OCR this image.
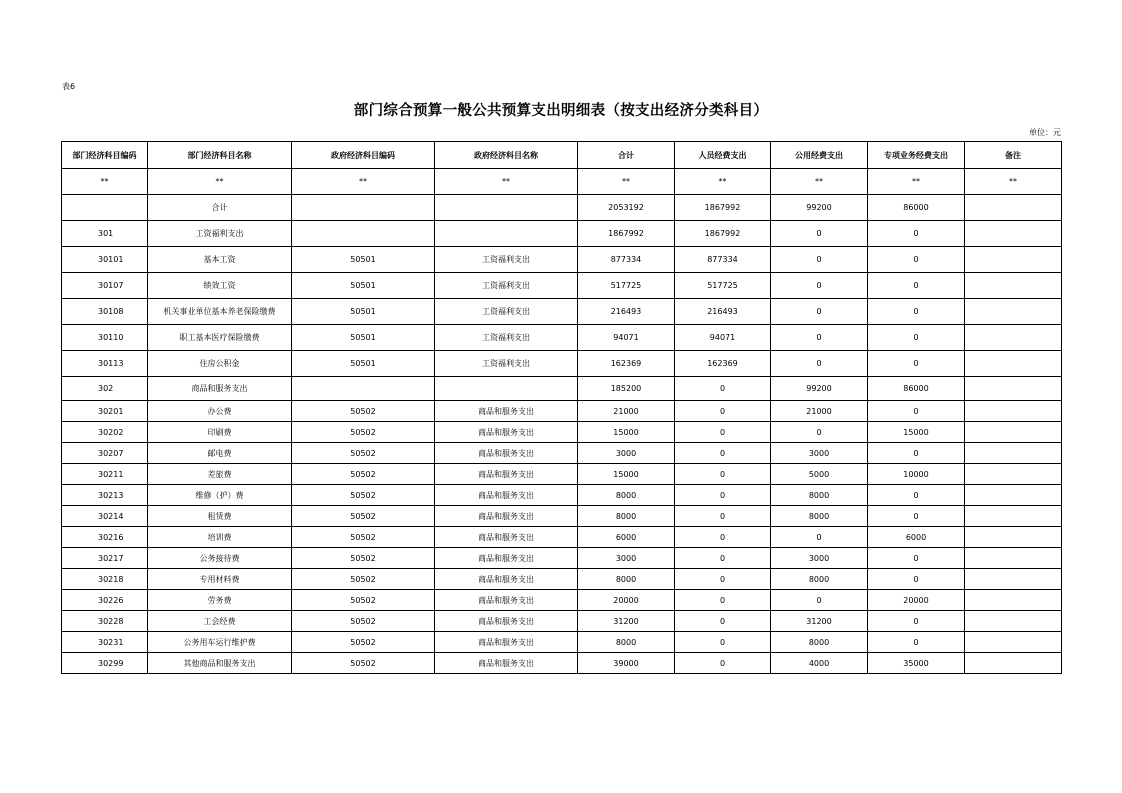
表6
部门综合预算一般公共预算支出明细表（按支出经济分类科目）
单位：元
部门经济科目编码	部门经济科目名称	政府经济科目编码	政府经济科目名称	合计	人员经费支出	公用经费支出	专项业务经费支出	备注
**	**	**	**	**	**	**	**	**
	合计			2053192	1867992	99200	86000	
301	工资福利支出			1867992	1867992	0	0	
30101	基本工资	50501	工资福利支出	877334	877334	0	0	
30107	绩效工资	50501	工资福利支出	517725	517725	0	0	
30108	机关事业单位基本养老保险缴费	50501	工资福利支出	216493	216493	0	0	
30110	职工基本医疗保险缴费	50501	工资福利支出	94071	94071	0	0	
30113	住房公积金	50501	工资福利支出	162369	162369	0	0	
302	商品和服务支出			185200	0	99200	86000	
30201	办公费	50502	商品和服务支出	21000	0	21000	0	
30202	印刷费	50502	商品和服务支出	15000	0	0	15000	
30207	邮电费	50502	商品和服务支出	3000	0	3000	0	
30211	差旅费	50502	商品和服务支出	15000	0	5000	10000	
30213	维修（护）费	50502	商品和服务支出	8000	0	8000	0	
30214	租赁费	50502	商品和服务支出	8000	0	8000	0	
30216	培训费	50502	商品和服务支出	6000	0	0	6000	
30217	公务接待费	50502	商品和服务支出	3000	0	3000	0	
30218	专用材料费	50502	商品和服务支出	8000	0	8000	0	
30226	劳务费	50502	商品和服务支出	20000	0	0	20000	
30228	工会经费	50502	商品和服务支出	31200	0	31200	0	
30231	公务用车运行维护费	50502	商品和服务支出	8000	0	8000	0	
30299	其他商品和服务支出	50502	商品和服务支出	39000	0	4000	35000	
